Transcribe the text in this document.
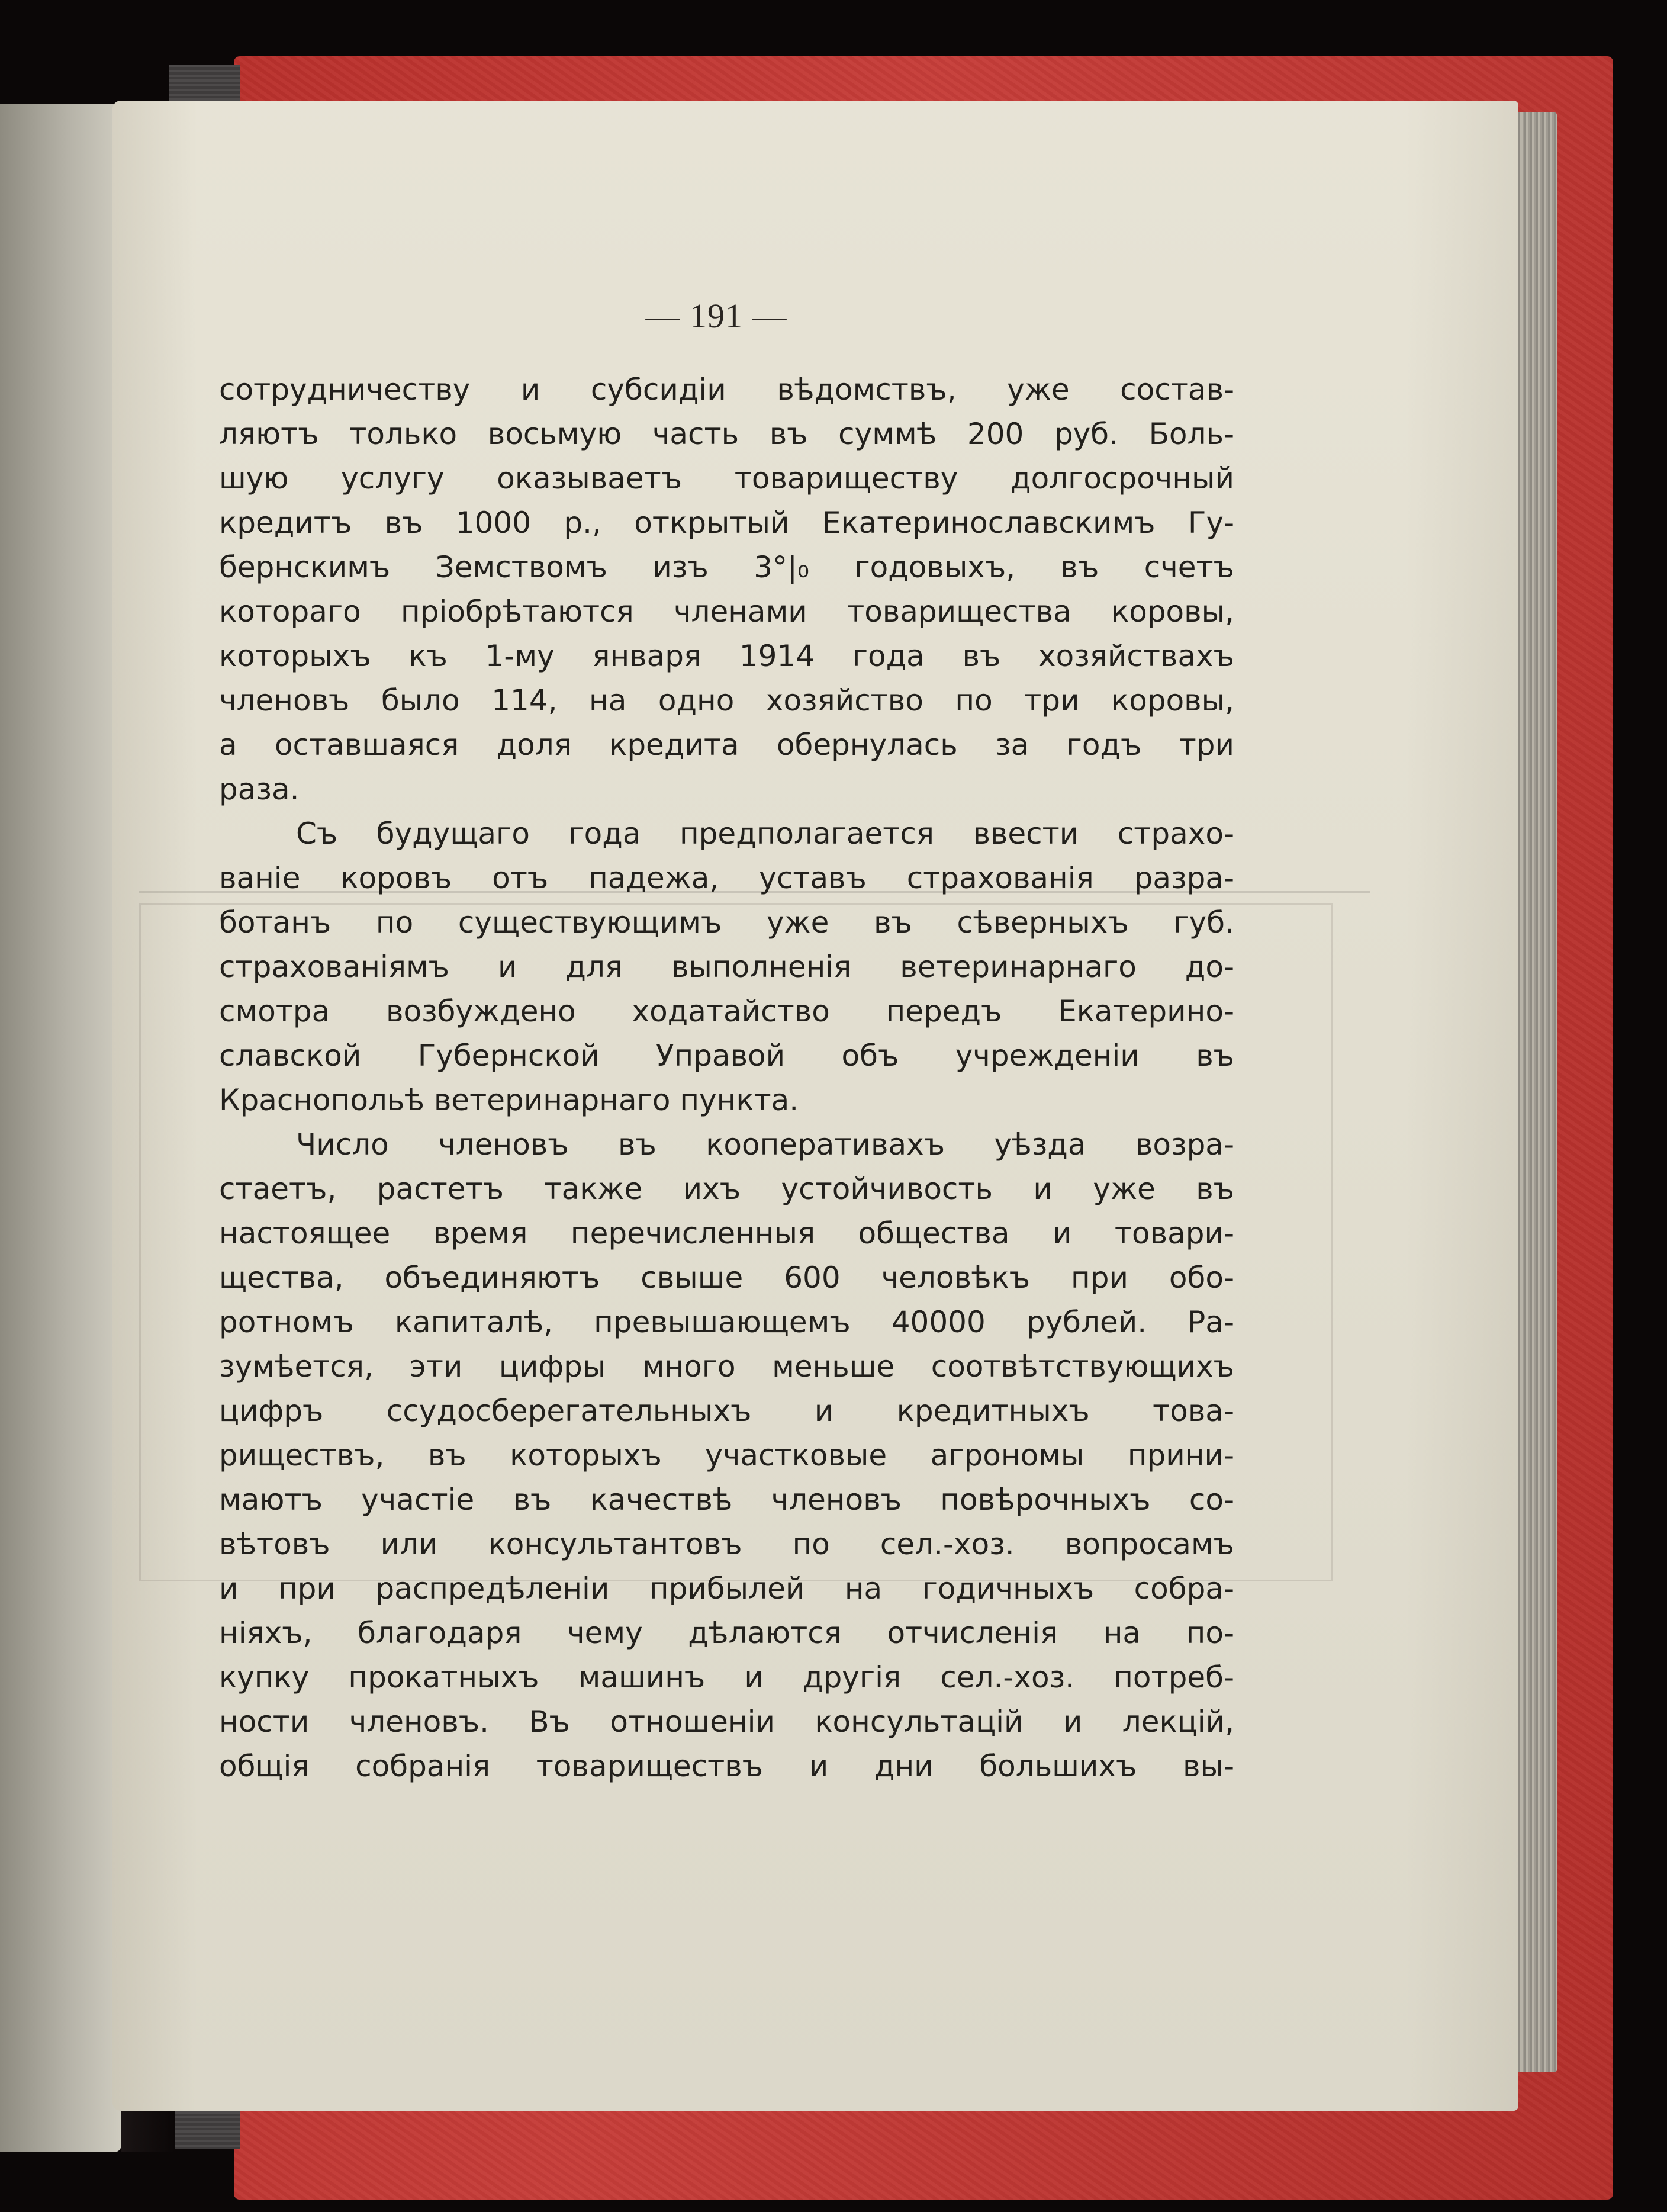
— 191 —
сотрудничеству и субсидіи вѣдомствъ, уже состав-
ляютъ только восьмую часть въ суммѣ 200 руб. Боль-
шую услугу оказываетъ товариществу долгосрочный
кредитъ въ 1000 р., открытый Екатеринославскимъ Гу-
бернскимъ Земствомъ изъ 3°|₀ годовыхъ, въ счетъ
котораго пріобрѣтаются членами товарищества коровы,
которыхъ къ 1-му января 1914 года въ хозяйствахъ
членовъ было 114, на одно хозяйство по три коровы,
а оставшаяся доля кредита обернулась за годъ три
раза.
Съ будущаго года предполагается ввести страхо-
ваніе коровъ отъ падежа, уставъ страхованія разра-
ботанъ по существующимъ уже въ сѣверныхъ губ.
страхованіямъ и для выполненія ветеринарнаго до-
смотра возбуждено ходатайство передъ Екатерино-
славской Губернской Управой объ учрежденіи въ
Краснопольѣ ветеринарнаго пункта.
Число членовъ въ кооперативахъ уѣзда возра-
стаетъ, растетъ также ихъ устойчивость и уже въ
настоящее время перечисленныя общества и товари-
щества, объединяютъ свыше 600 человѣкъ при обо-
ротномъ капиталѣ, превышающемъ 40000 рублей. Ра-
зумѣется, эти цифры много меньше соотвѣтствующихъ
цифръ ссудосберегательныхъ и кредитныхъ това-
риществъ, въ которыхъ участковые агрономы прини-
маютъ участіе въ качествѣ членовъ повѣрочныхъ со-
вѣтовъ или консультантовъ по сел.-хоз. вопросамъ
и при распредѣленіи прибылей на годичныхъ собра-
ніяхъ, благодаря чему дѣлаются отчисленія на по-
купку прокатныхъ машинъ и другія сел.-хоз. потреб-
ности членовъ. Въ отношеніи консультацій и лекцій,
общія собранія товариществъ и дни большихъ вы-
